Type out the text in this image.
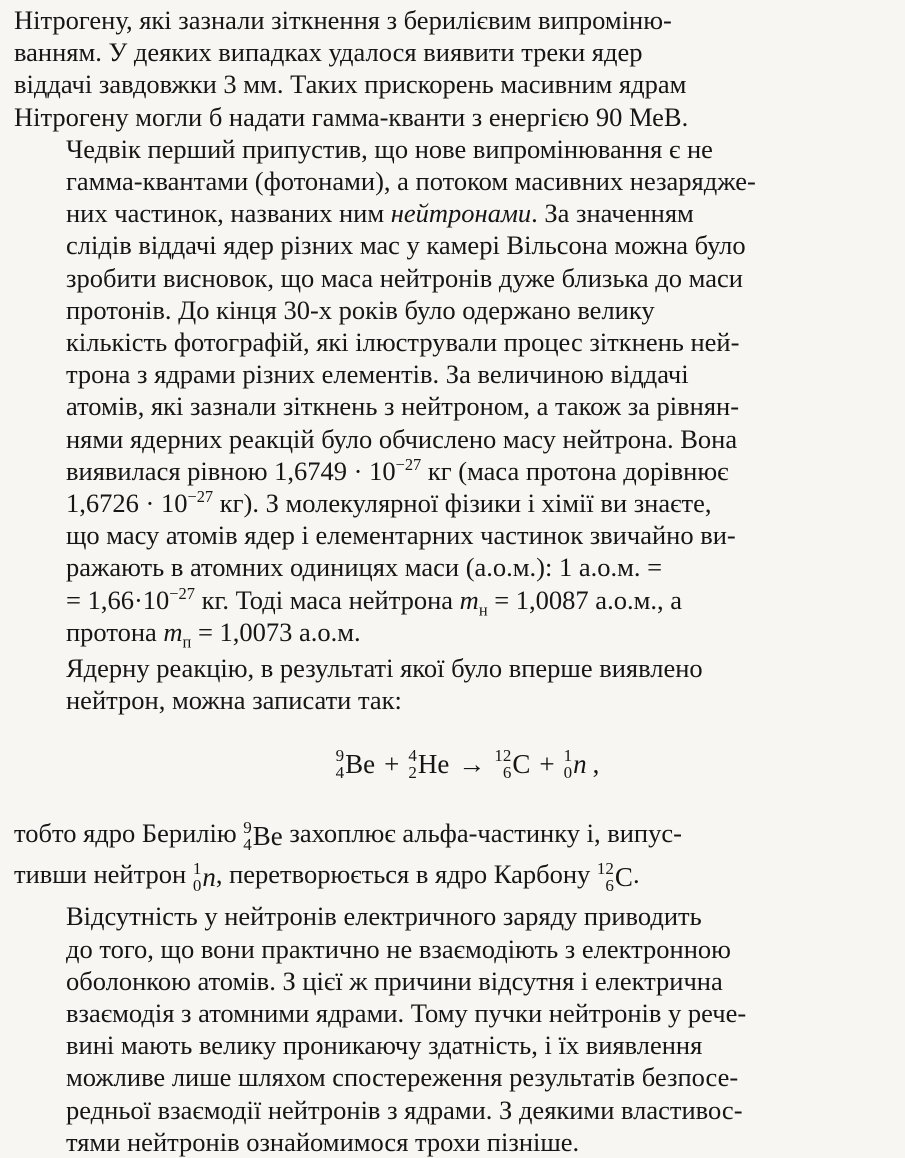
Нітрогену, які зазнали зіткнення з берилієвим випроміню-
ванням. У деяких випадках удалося виявити треки ядер
віддачі завдовжки 3 мм. Таких прискорень масивним ядрам
Нітрогену могли б надати гамма-кванти з енергією 90 МеВ.

Чедвік перший припустив, що нове випромінювання є не
гамма-квантами (фотонами), а потоком масивних незарядже-
них частинок, названих ним нейтронами. За значенням
слідів віддачі ядер різних мас у камері Вільсона можна було
зробити висновок, що маса нейтронів дуже близька до маси
протонів. До кінця 30-х років було одержано велику
кількість фотографій, які ілюстрували процес зіткнень ней-
трона з ядрами різних елементів. За величиною віддачі
атомів, які зазнали зіткнень з нейтроном, а також за рівнян-
нями ядерних реакцій було обчислено масу нейтрона. Вона
виявилася рівною $1,6749 \cdot 10^{-27}$ кг (маса протона дорівнює
$1,6726 \cdot 10^{-27}$ кг). З молекулярної фізики і хімії ви знаєте,
що масу атомів ядер і елементарних частинок звичайно ви-
ражають в атомних одиницях маси (а.о.м.): 1 а.о.м. =
= $1,66\cdot 10^{-27}$ кг. Тоді маса нейтрона $m_н = 1,0087$ а.о.м., а
протона $m_п = 1,0073$ а.о.м.

Ядерну реакцію, в результаті якої було вперше виявлено
нейтрон, можна записати так:

9
4 Be + 4
2 He → 12
6 C + 1
0 n ,

тобто ядро Берилію 9
4 Be захоплює альфа-частинку і, випус-
тивши нейтрон 1
0 n , перетворюється в ядро Карбону 12
6 C .

Відсутність у нейтронів електричного заряду приводить
до того, що вони практично не взаємодіють з електронною
оболонкою атомів. З цієї ж причини відсутня і електрична
взаємодія з атомними ядрами. Тому пучки нейтронів у рече-
вині мають велику проникаючу здатність, і їх виявлення
можливе лише шляхом спостереження результатів безпосе-
редньої взаємодії нейтронів з ядрами. З деякими властивос-
тями нейтронів ознайомимося трохи пізніше.
